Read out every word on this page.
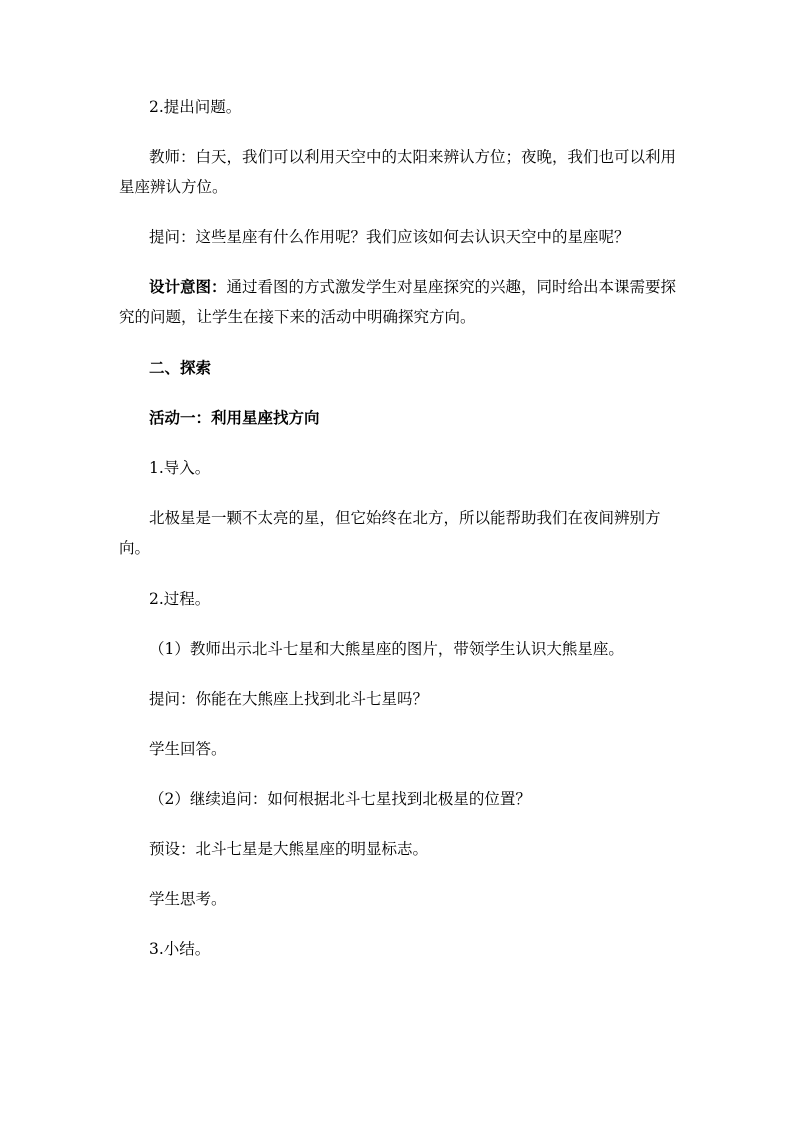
2.提出问题。
教师：白天，我们可以利用天空中的太阳来辨认方位；夜晚，我们也可以利用星座辨认方位。
提问：这些星座有什么作用呢？我们应该如何去认识天空中的星座呢？
设计意图：通过看图的方式激发学生对星座探究的兴趣，同时给出本课需要探究的问题，让学生在接下来的活动中明确探究方向。
二、探索
活动一：利用星座找方向
1.导入。
北极星是一颗不太亮的星，但它始终在北方，所以能帮助我们在夜间辨别方向。
2.过程。
（1）教师出示北斗七星和大熊星座的图片，带领学生认识大熊星座。
提问：你能在大熊座上找到北斗七星吗？
学生回答。
（2）继续追问：如何根据北斗七星找到北极星的位置？
预设：北斗七星是大熊星座的明显标志。
学生思考。
3.小结。
